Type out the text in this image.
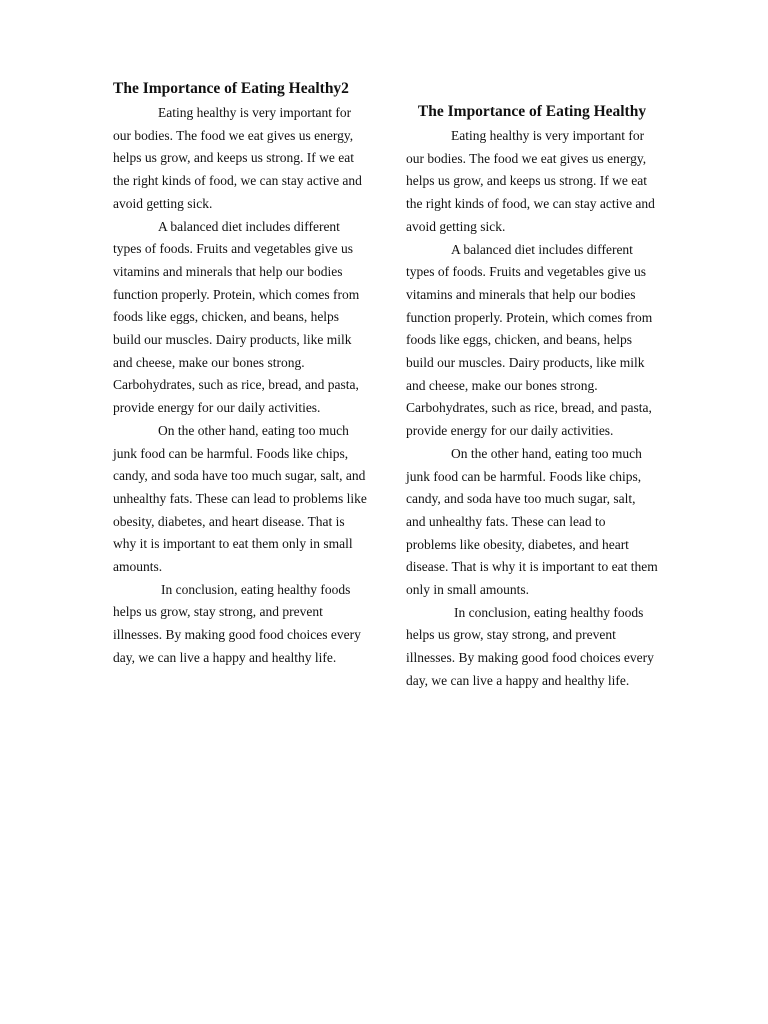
The Importance of Eating Healthy2

Eating healthy is very important for our bodies. The food we eat gives us energy, helps us grow, and keeps us strong. If we eat the right kinds of food, we can stay active and avoid getting sick.

A balanced diet includes different types of foods. Fruits and vegetables give us vitamins and minerals that help our bodies function properly. Protein, which comes from foods like eggs, chicken, and beans, helps build our muscles. Dairy products, like milk and cheese, make our bones strong. Carbohydrates, such as rice, bread, and pasta, provide energy for our daily activities.

On the other hand, eating too much junk food can be harmful. Foods like chips, candy, and soda have too much sugar, salt, and unhealthy fats. These can lead to problems like obesity, diabetes, and heart disease. That is why it is important to eat them only in small amounts.

In conclusion, eating healthy foods helps us grow, stay strong, and prevent illnesses. By making good food choices every day, we can live a happy and healthy life.

The Importance of Eating Healthy

Eating healthy is very important for our bodies. The food we eat gives us energy, helps us grow, and keeps us strong. If we eat the right kinds of food, we can stay active and avoid getting sick.

A balanced diet includes different types of foods. Fruits and vegetables give us vitamins and minerals that help our bodies function properly. Protein, which comes from foods like eggs, chicken, and beans, helps build our muscles. Dairy products, like milk and cheese, make our bones strong. Carbohydrates, such as rice, bread, and pasta, provide energy for our daily activities.

On the other hand, eating too much junk food can be harmful. Foods like chips, candy, and soda have too much sugar, salt, and unhealthy fats. These can lead to problems like obesity, diabetes, and heart disease. That is why it is important to eat them only in small amounts.

In conclusion, eating healthy foods helps us grow, stay strong, and prevent illnesses. By making good food choices every day, we can live a happy and healthy life.
